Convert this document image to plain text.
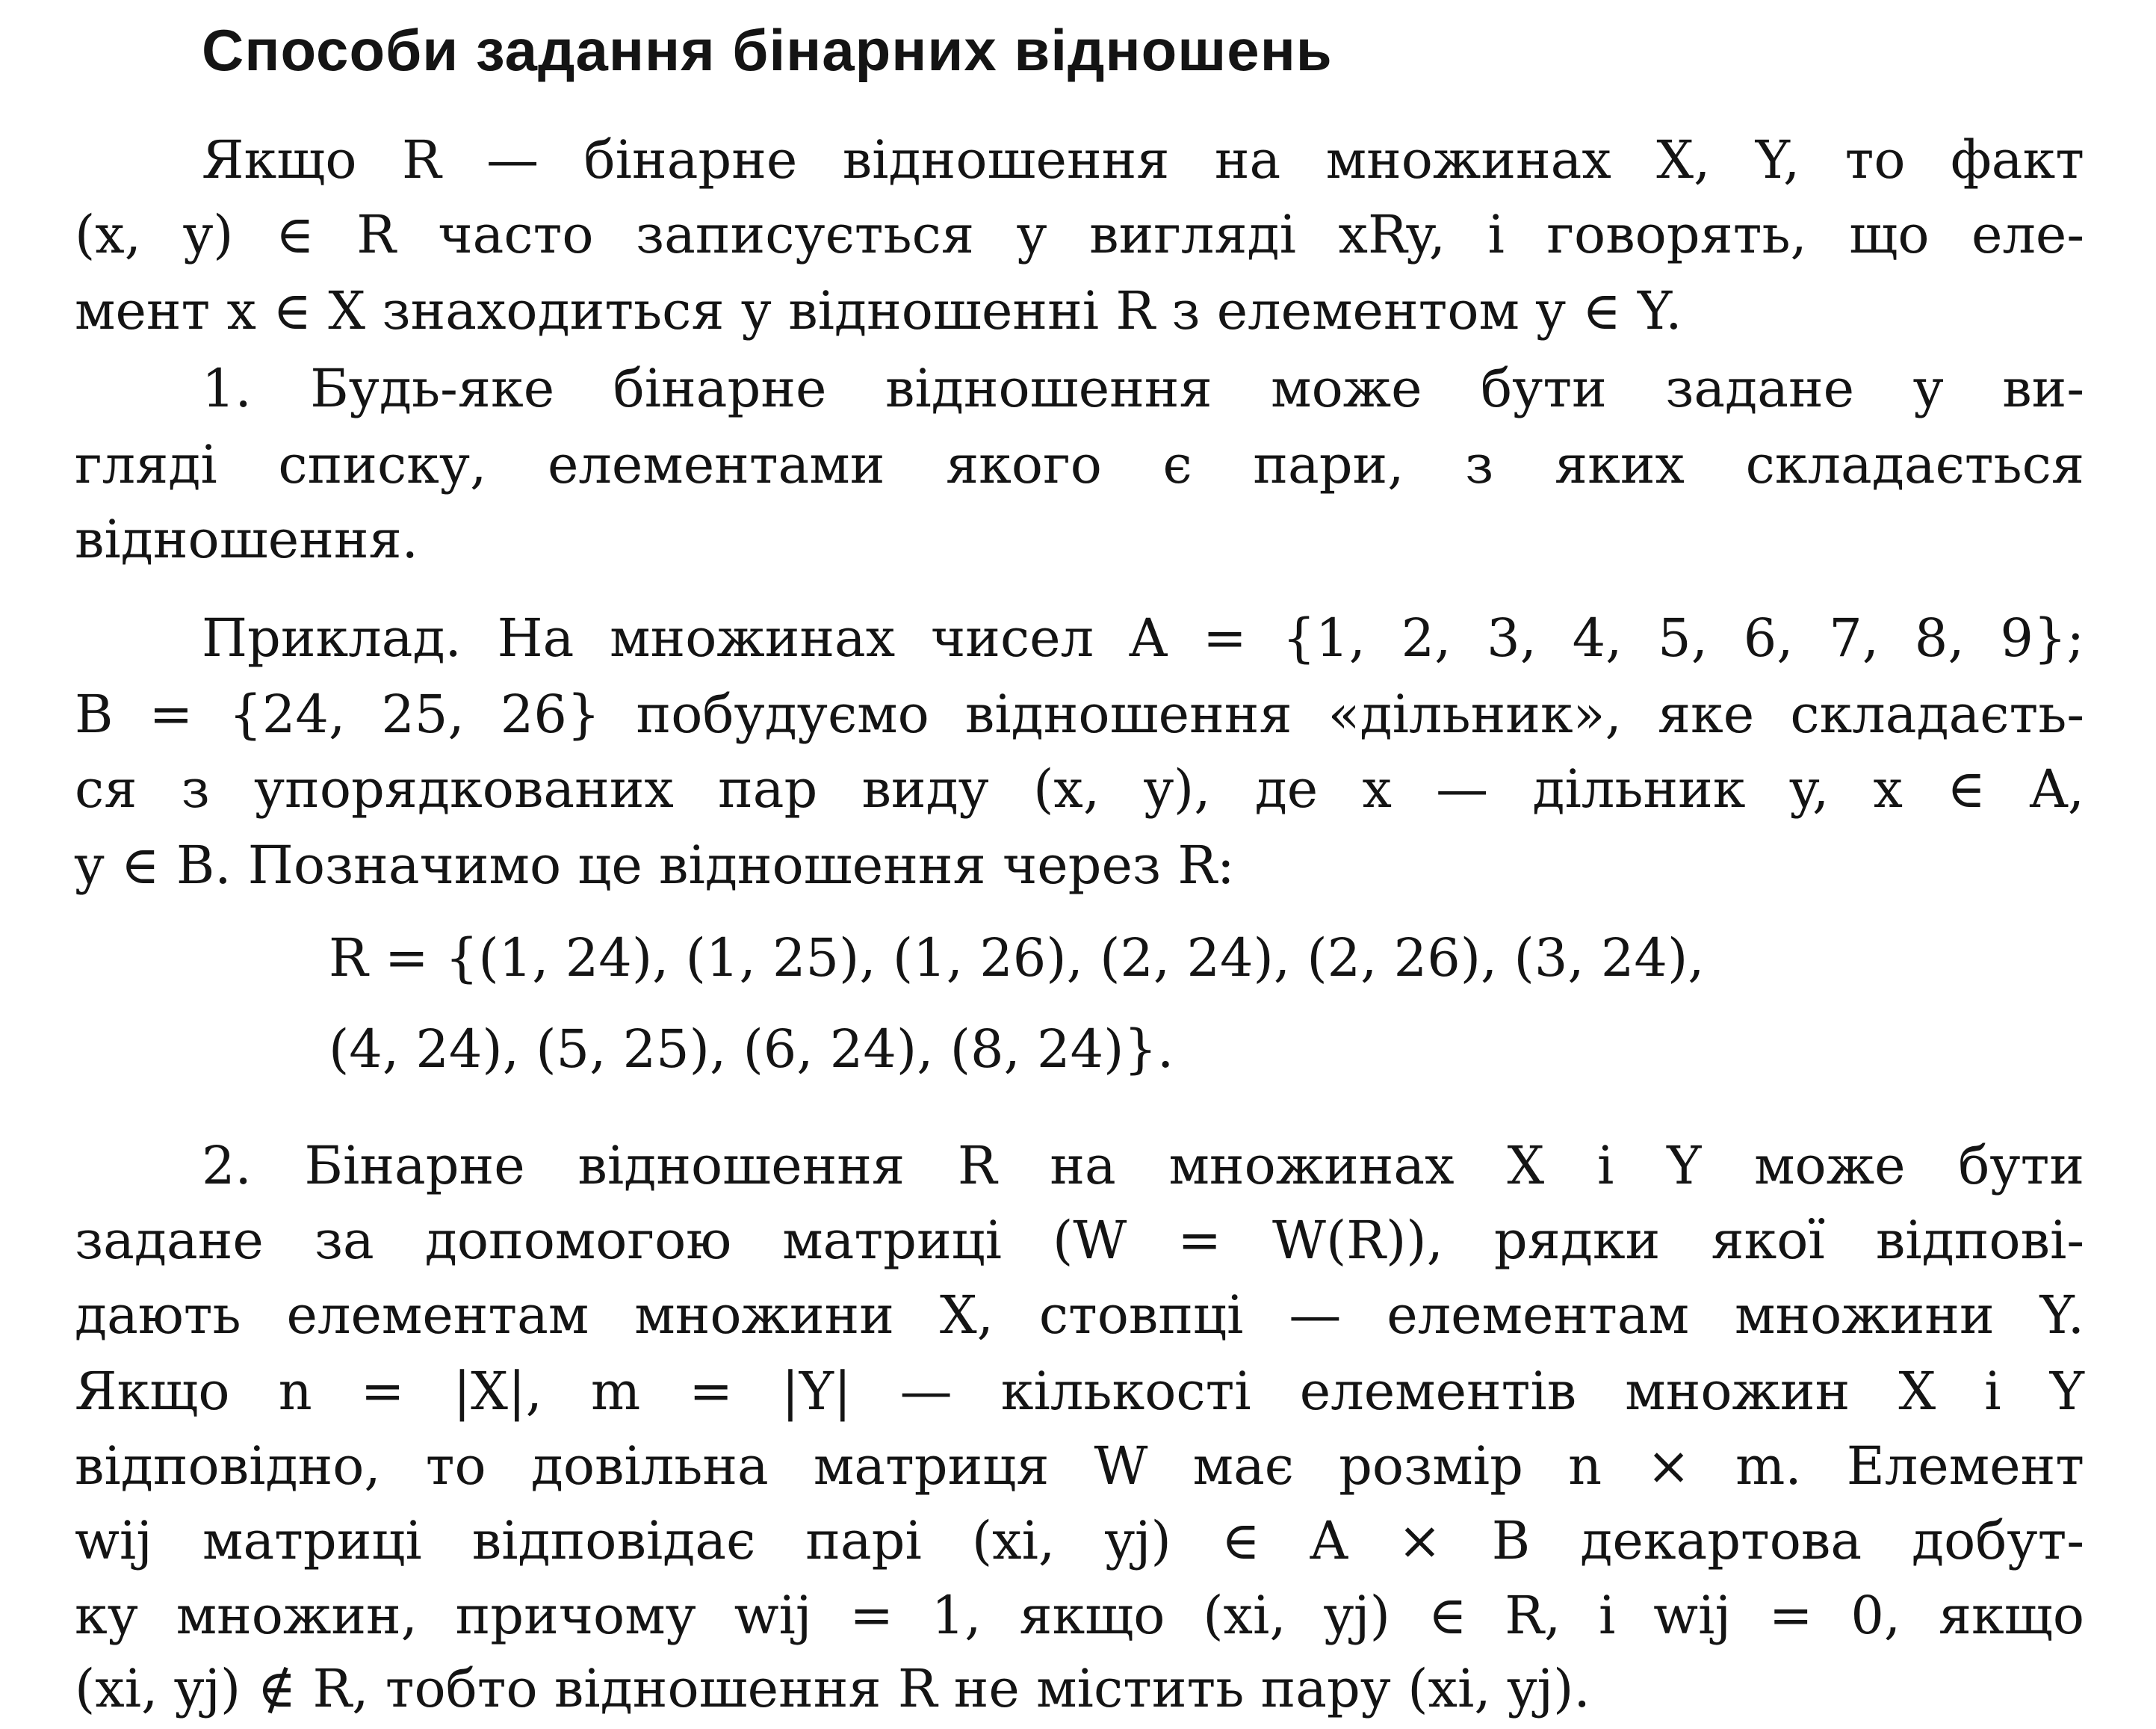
Способи задання бінарних відношень
Якщо R — бінарне відношення на множинах X, Y, то факт
(x, y) ∈ R часто записується у вигляді xRy, і говорять, що еле-
мент x ∈ X знаходиться у відношенні R з елементом y ∈ Y.
1. Будь-яке бінарне відношення може бути задане у ви-
гляді списку, елементами якого є пари, з яких складається
відношення.
Приклад. На множинах чисел A = {1, 2, 3, 4, 5, 6, 7, 8, 9};
B = {24, 25, 26} побудуємо відношення «дільник», яке складаєть-
ся з упорядкованих пар виду (x, y), де x — дільник y, x ∈ A,
y ∈ B. Позначимо це відношення через R:
R = {(1, 24), (1, 25), (1, 26), (2, 24), (2, 26), (3, 24),
(4, 24), (5, 25), (6, 24), (8, 24)}.
2. Бінарне відношення R на множинах X і Y може бути
задане за допомогою матриці (W = W(R)), рядки якої відпові-
дають елементам множини X, стовпці — елементам множини Y.
Якщо n = |X|, m = |Y| — кількості елементів множин X і Y
відповідно, то довільна матриця W має розмір n × m. Елемент
wij матриці відповідає парі (xi, yj) ∈ A × B декартова добут-
ку множин, причому wij = 1, якщо (xi, yj) ∈ R, і wij = 0, якщо
(xi, yj) ∉ R, тобто відношення R не містить пару (xi, yj).
